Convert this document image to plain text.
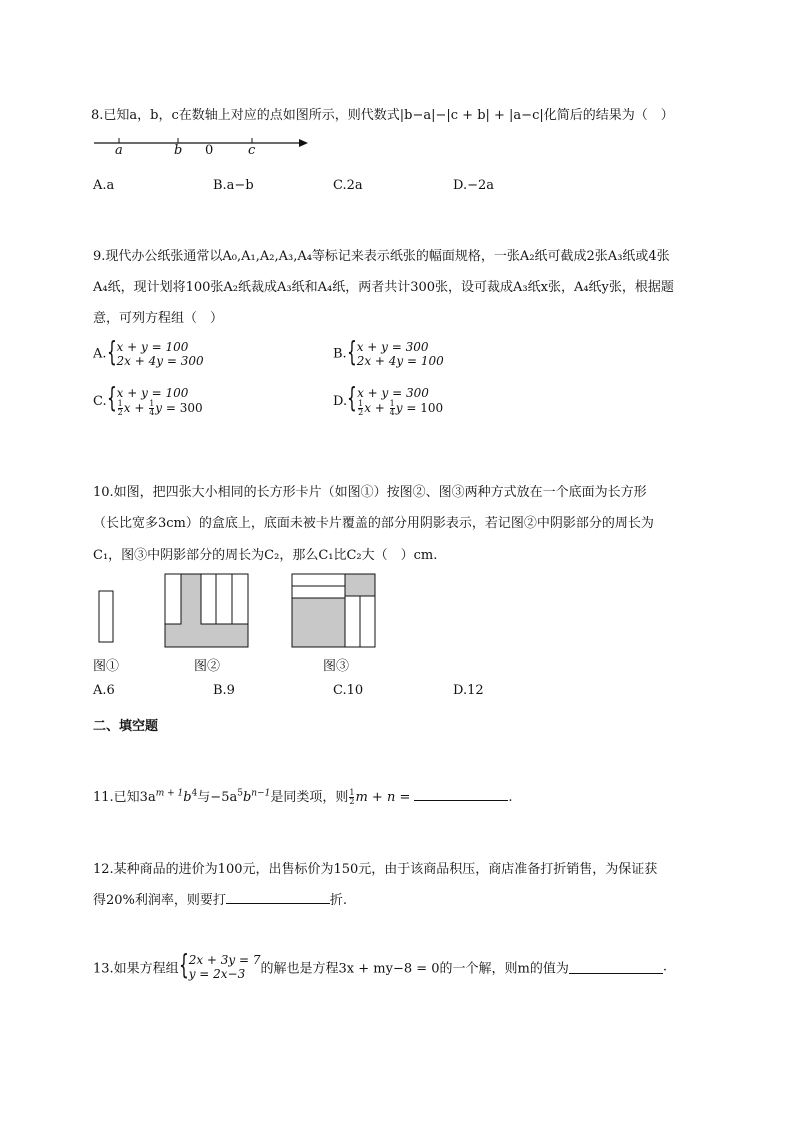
8.已知a，b，c在数轴上对应的点如图所示，则代数式|b−a|−|c + b| + |a−c|化简后的结果为（　）
a	b 0	c
A.a	B.a−b	C.2a	D.−2a
9.现代办公纸张通常以A₀,A₁,A₂,A₃,A₄等标记来表示纸张的幅面规格，一张A₂纸可截成2张A₃纸或4张
A₄纸，现计划将100张A₂纸裁成A₃纸和A₄纸，两者共计300张，设可裁成A₃纸x张，A₄纸y张，根据题
意，可列方程组（　）
A. { x + y = 100
2x + 4y = 300	B. { x + y = 300
2x + 4y = 100
C. { x + y = 100
$\frac{1}{2}$ $x + \frac{1}{4}$ y = 300	D. { x + y = 300
$\frac{1}{2}$ $x + \frac{1}{4}$ y = 100
10.如图，把四张大小相同的长方形卡片（如图①）按图②、图③两种方式放在一个底面为长方形
（长比宽多3cm）的盒底上，底面未被卡片覆盖的部分用阴影表示，若记图②中阴影部分的周长为
C₁，图③中阴影部分的周长为C₂，那么C₁比C₂大（　）cm.
图①	图②	图③
A.6	B.9	C.10	D.12
二、填空题
11.已知$3a^{m + 1}b^4$与$-5a^5b^{n-1}$是同类项，则 $\frac{1}{2}$ m + n =	.
12.某种商品的进价为100元，出售标价为150元，由于该商品积压，商店准备打折销售，为保证获
得20%利润率，则要打	折.
13.如果方程组 { 2x + 3y = 7
y = 2x−3	的解也是方程3x + my−8 = 0的一个解，则m的值为	.
